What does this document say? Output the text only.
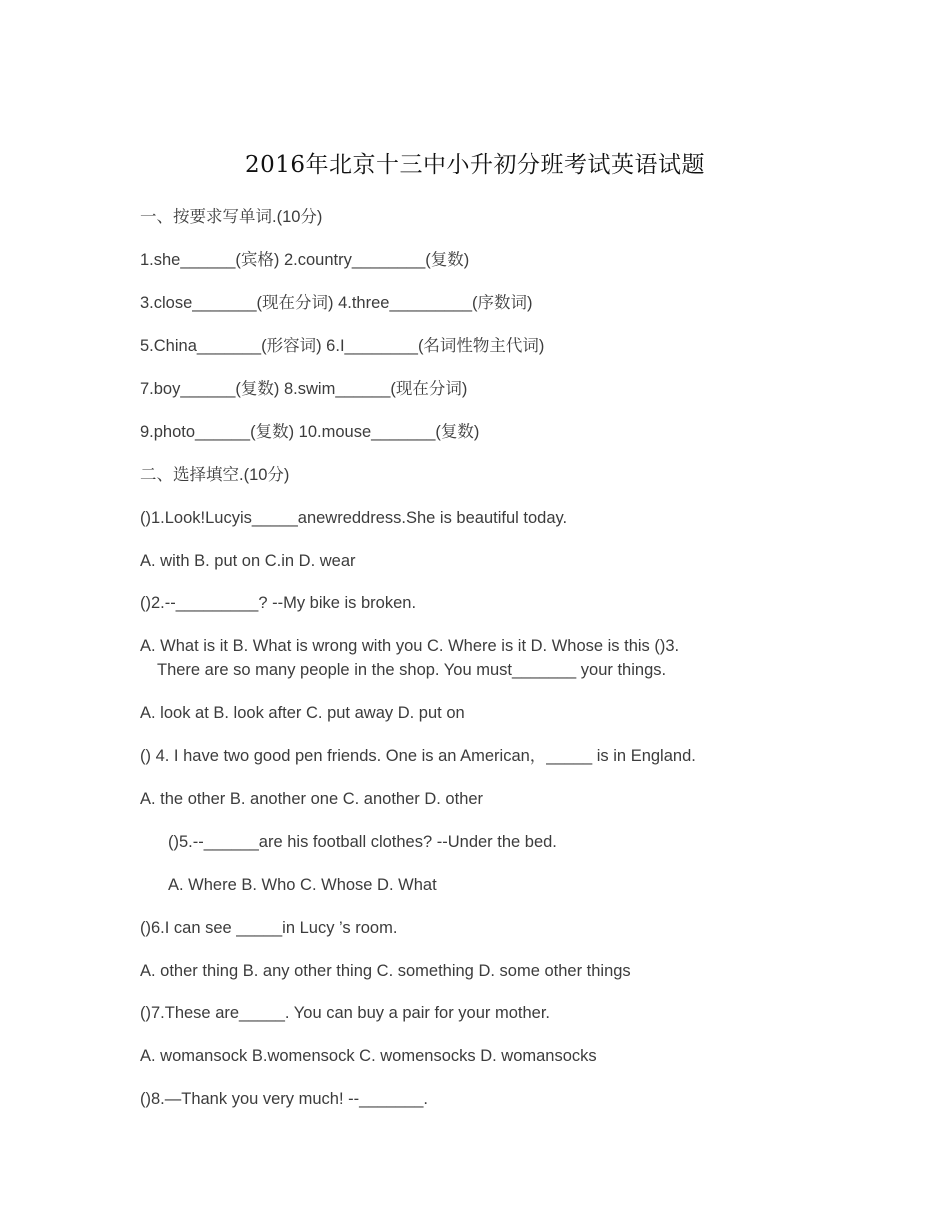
2016年北京十三中小升初分班考试英语试题
一、按要求写单词.(10分)
1.she______(宾格) 2.country________(复数)
3.close_______(现在分词) 4.three_________(序数词)
5.China_______(形容词) 6.I________(名词性物主代词)
7.boy______(复数) 8.swim______(现在分词)
9.photo______(复数) 10.mouse_______(复数)
二、选择填空.(10分)
()1.Look!Lucyis_____anewreddress.She is beautiful today.
A. with B. put on C.in D. wear
()2.--_________? --My bike is broken.
A. What is it B. What is wrong with you C. Where is it D. Whose is this ()3.
There are so many people in the shop. You must_______ your things.
A. look at B. look after C. put away D. put on
() 4. I have two good pen friends. One is an American，_____ is in England.
A. the other B. another one C. another D. other
()5.--______are his football clothes? --Under the bed.
A. Where B. Who C. Whose D. What
()6.I can see _____in Lucy ’s room.
A. other thing B. any other thing C. something D. some other things
()7.These are_____. You can buy a pair for your mother.
A. womansock B.womensock C. womensocks D. womansocks
()8.—Thank you very much! --_______.
